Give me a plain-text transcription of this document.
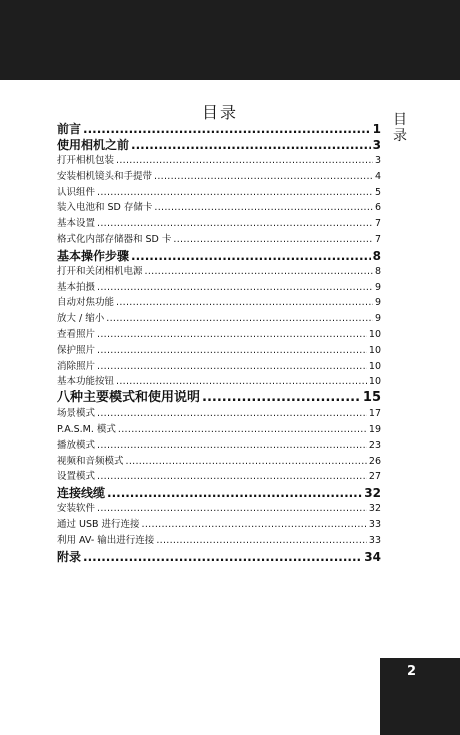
目
录
目录
前言 .....	1
使用相机之前 .....	3
打开相机包装 .....	3
安装相机镜头和手提带 .....	4
认识组件 .....	5
装入电池和 SD 存储卡 .....	6
基本设置 .....	7
格式化内部存储器和 SD 卡 .....	7
基本操作步骤 .....	8
打开和关闭相机电源 .....	8
基本拍摄 .....	9
自动对焦功能 .....	9
放大 / 缩小 .....	9
查看照片 .....	10
保护照片 .....	10
消除照片 .....	10
基本功能按钮 .....	10
八种主要模式和使用说明 .....	15
场景模式 .....	17
P.A.S.M. 模式 .....	19
播放模式 .....	23
视频和音频模式 .....	26
设置模式 .....	27
连接线缆 .....	32
安装软件 .....	32
通过 USB 进行连接 .....	33
利用 AV- 输出进行连接 .....	33
附录 .....	34
2
